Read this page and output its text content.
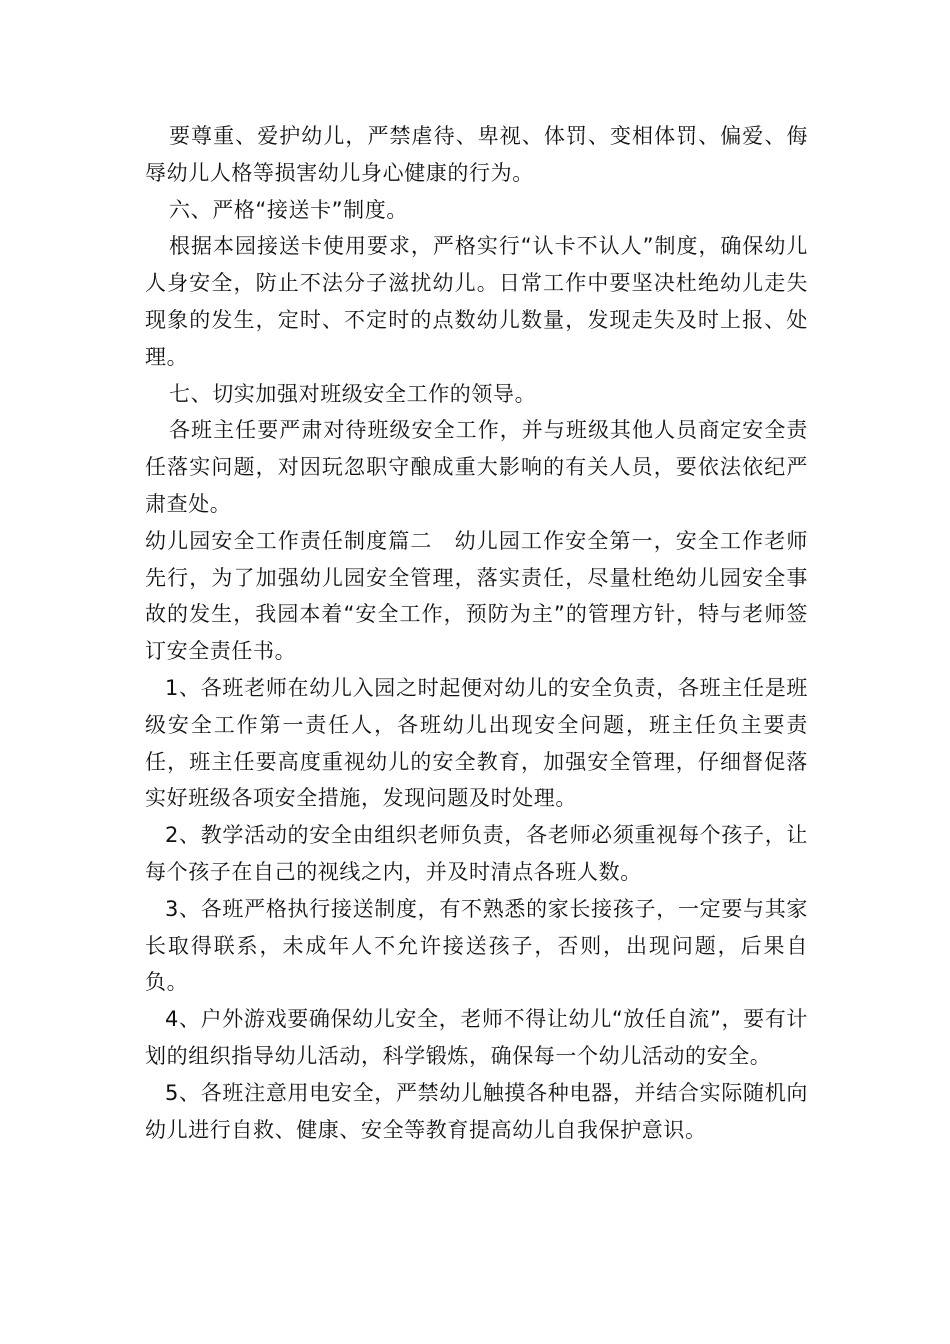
要尊重、爱护幼儿，严禁虐待、卑视、体罚、变相体罚、偏爱、侮辱幼儿人格等损害幼儿身心健康的行为。

六、严格“接送卡”制度。

根据本园接送卡使用要求，严格实行“认卡不认人”制度，确保幼儿人身安全，防止不法分子滋扰幼儿。日常工作中要坚决杜绝幼儿走失现象的发生，定时、不定时的点数幼儿数量，发现走失及时上报、处理。

七、切实加强对班级安全工作的领导。

各班主任要严肃对待班级安全工作，并与班级其他人员商定安全责任落实问题，对因玩忽职守酿成重大影响的有关人员，要依法依纪严肃查处。

幼儿园安全工作责任制度篇二　幼儿园工作安全第一，安全工作老师先行，为了加强幼儿园安全管理，落实责任，尽量杜绝幼儿园安全事故的发生，我园本着“安全工作，预防为主”的管理方针，特与老师签订安全责任书。

1、各班老师在幼儿入园之时起便对幼儿的安全负责，各班主任是班级安全工作第一责任人，各班幼儿出现安全问题，班主任负主要责任，班主任要高度重视幼儿的安全教育，加强安全管理，仔细督促落实好班级各项安全措施，发现问题及时处理。

2、教学活动的安全由组织老师负责，各老师必须重视每个孩子，让每个孩子在自己的视线之内，并及时清点各班人数。

3、各班严格执行接送制度，有不熟悉的家长接孩子，一定要与其家长取得联系，未成年人不允许接送孩子，否则，出现问题，后果自负。

4、户外游戏要确保幼儿安全，老师不得让幼儿“放任自流”，要有计划的组织指导幼儿活动，科学锻炼，确保每一个幼儿活动的安全。

5、各班注意用电安全，严禁幼儿触摸各种电器，并结合实际随机向幼儿进行自救、健康、安全等教育提高幼儿自我保护意识。
